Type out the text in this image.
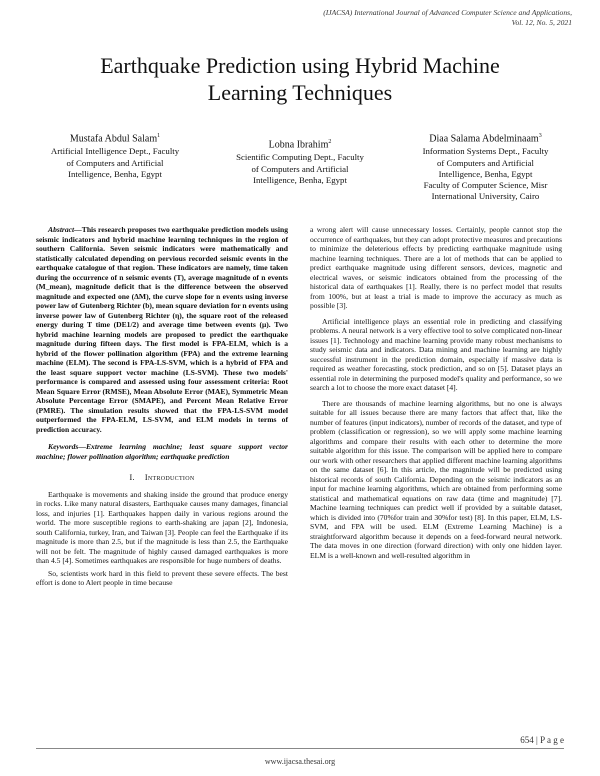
(IJACSA) International Journal of Advanced Computer Science and Applications,
Vol. 12, No. 5, 2021
Earthquake Prediction using Hybrid Machine
Learning Techniques
Mustafa Abdul Salam$^1$
Artificial Intelligence Dept., Faculty
of Computers and Artificial
Intelligence, Benha, Egypt
Lobna Ibrahim$^2$
Scientific Computing Dept., Faculty
of Computers and Artificial
Intelligence, Benha, Egypt
Diaa Salama Abdelminaam$^3$
Information Systems Dept., Faculty
of Computers and Artificial
Intelligence, Benha, Egypt
Faculty of Computer Science, Misr
International University, Cairo

Abstract—This research proposes two earthquake prediction models using seismic indicators and hybrid machine learning techniques in the region of southern California. Seven seismic indicators were mathematically and statistically calculated depending on pervious recorded seismic events in the earthquake catalogue of that region. These indicators are namely, time taken during the occurrence of n seismic events (T), average magnitude of n events (M_mean), magnitude deficit that is the difference between the observed magnitude and expected one (ΔM), the curve slope for n events using inverse power law of Gutenberg Richter (b), mean square deviation for n events using inverse power law of Gutenberg Richter (η), the square root of the released energy during T time (DE1/2) and average time between events (μ). Two hybrid machine learning models are proposed to predict the earthquake magnitude during fifteen days. The first model is FPA-ELM, which is a hybrid of the flower pollination algorithm (FPA) and the extreme learning machine (ELM). The second is FPA-LS-SVM, which is a hybrid of FPA and the least square support vector machine (LS-SVM). These two models' performance is compared and assessed using four assessment criteria: Root Mean Square Error (RMSE), Mean Absolute Error (MAE), Symmetric Mean Absolute Percentage Error (SMAPE), and Percent Mean Relative Error (PMRE). The simulation results showed that the FPA-LS-SVM model outperformed the FPA-ELM, LS-SVM, and ELM models in terms of prediction accuracy.

Keywords—Extreme learning machine; least square support vector machine; flower pollination algorithm; earthquake prediction

I. Introduction

Earthquake is movements and shaking inside the ground that produce energy in rocks. Like many natural disasters, Earthquake causes many damages, financial loss, and injuries [1]. Earthquakes happen daily in various regions around the world. The more susceptible regions to earth-shaking are japan [2], Indonesia, south California, turkey, Iran, and Taiwan [3]. People can feel the Earthquake if its magnitude is more than 2.5, but if the magnitude is less than 2.5, the Earthquake will not be felt. The magnitude of highly caused damaged earthquakes is more than 4.5 [4]. Sometimes earthquakes are responsible for huge numbers of deaths.

So, scientists work hard in this field to prevent these severe effects. The best effort is done to Alert people in time because

a wrong alert will cause unnecessary losses. Certainly, people cannot stop the occurrence of earthquakes, but they can adopt protective measures and precautions to minimize the deleterious effects by predicting earthquake magnitude using machine learning techniques. There are a lot of methods that can be applied to predict earthquake magnitude using different sensors, devices, magnetic and electrical waves, or seismic indicators obtained from the processing of the historical data of earthquakes [1]. Really, there is no perfect model that results from 100%, but at least a trial is made to improve the accuracy as much as possible [3].

Artificial intelligence plays an essential role in predicting and classifying problems. A neural network is a very effective tool to solve complicated non-linear issues [1]. Technology and machine learning provide many robust mechanisms to study seismic data and indicators. Data mining and machine learning are highly successful instrument in the prediction domain, especially if massive data is required as weather forecasting, stock prediction, and so on [5]. Dataset plays an essential role in determining the purposed model's quality and performance, so we search a lot to choose the more exact dataset [4].

There are thousands of machine learning algorithms, but no one is always suitable for all issues because there are many factors that affect that, like the number of features (input indicators), number of records of the dataset, and type of problem (classification or regression), so we will apply some machine learning algorithms and compare their results with each other to determine the more suitable algorithm for this issue. The comparison will be applied here to compare our work with other researchers that applied different machine learning algorithms on the same dataset [6]. In this article, the magnitude will be predicted using historical records of south California. Depending on the seismic indicators as an input for machine learning algorithms, which are obtained from performing some statistical and mathematical equations on raw data (time and magnitude) [7]. Machine learning techniques can predict well if provided by a suitable dataset, which is divided into (70%for train and 30%for test) [8]. In this paper, ELM, LS-SVM, and FPA will be used. ELM (Extreme Learning Machine) is a straightforward algorithm because it depends on a feed-forward neural network. The data moves in one direction (forward direction) with only one hidden layer. ELM is a well-known and well-resulted algorithm in

654 | P a g e
www.ijacsa.thesai.org
